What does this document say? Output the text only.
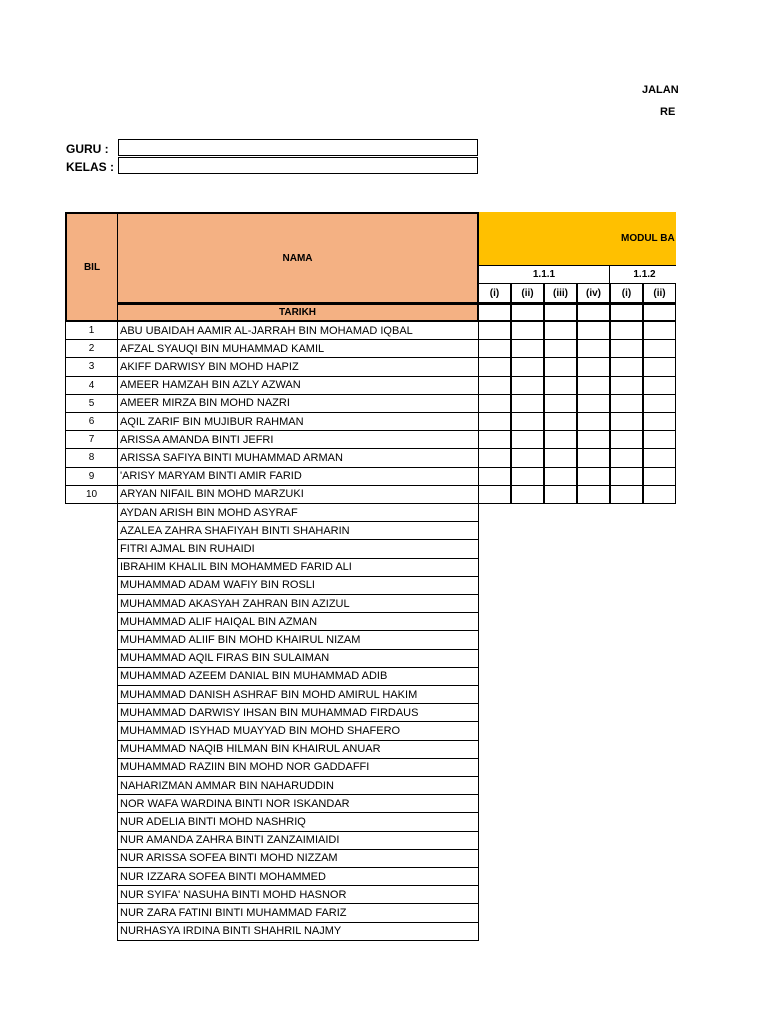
JALAN
RE
GURU :
KELAS :
MODUL BA
BIL
NAMA
TARIKH
1.1.1	1.1.2
(i)	(ii)	(iii)	(iv)	(i)	(ii)
1	ABU UBAIDAH AAMIR AL-JARRAH BIN MOHAMAD IQBAL
2	AFZAL SYAUQI BIN MUHAMMAD KAMIL
3	AKIFF DARWISY BIN MOHD HAPIZ
4	AMEER HAMZAH BIN AZLY AZWAN
5	AMEER MIRZA BIN MOHD NAZRI
6	AQIL ZARIF BIN MUJIBUR RAHMAN
7	ARISSA AMANDA BINTI JEFRI
8	ARISSA SAFIYA BINTI MUHAMMAD ARMAN
9	'ARISY MARYAM BINTI AMIR FARID
10	ARYAN NIFAIL BIN MOHD MARZUKI
AYDAN ARISH BIN MOHD ASYRAF
AZALEA ZAHRA SHAFIYAH BINTI SHAHARIN
FITRI AJMAL BIN RUHAIDI
IBRAHIM KHALIL BIN MOHAMMED FARID ALI
MUHAMMAD ADAM WAFIY BIN ROSLI
MUHAMMAD AKASYAH ZAHRAN BIN AZIZUL
MUHAMMAD ALIF HAIQAL BIN AZMAN
MUHAMMAD ALIIF BIN MOHD KHAIRUL NIZAM
MUHAMMAD AQIL FIRAS BIN SULAIMAN
MUHAMMAD AZEEM DANIAL BIN MUHAMMAD ADIB
MUHAMMAD DANISH ASHRAF BIN MOHD AMIRUL HAKIM
MUHAMMAD DARWISY IHSAN BIN MUHAMMAD FIRDAUS
MUHAMMAD ISYHAD MUAYYAD BIN MOHD SHAFERO
MUHAMMAD NAQIB HILMAN BIN KHAIRUL ANUAR
MUHAMMAD RAZIIN BIN MOHD NOR GADDAFFI
NAHARIZMAN AMMAR BIN NAHARUDDIN
NOR WAFA WARDINA BINTI NOR ISKANDAR
NUR ADELIA BINTI MOHD NASHRIQ
NUR AMANDA ZAHRA BINTI ZANZAIMIAIDI
NUR ARISSA SOFEA BINTI MOHD NIZZAM
NUR IZZARA SOFEA BINTI MOHAMMED
NUR SYIFA' NASUHA BINTI MOHD HASNOR
NUR ZARA FATINI BINTI MUHAMMAD FARIZ
NURHASYA IRDINA BINTI SHAHRIL NAJMY
